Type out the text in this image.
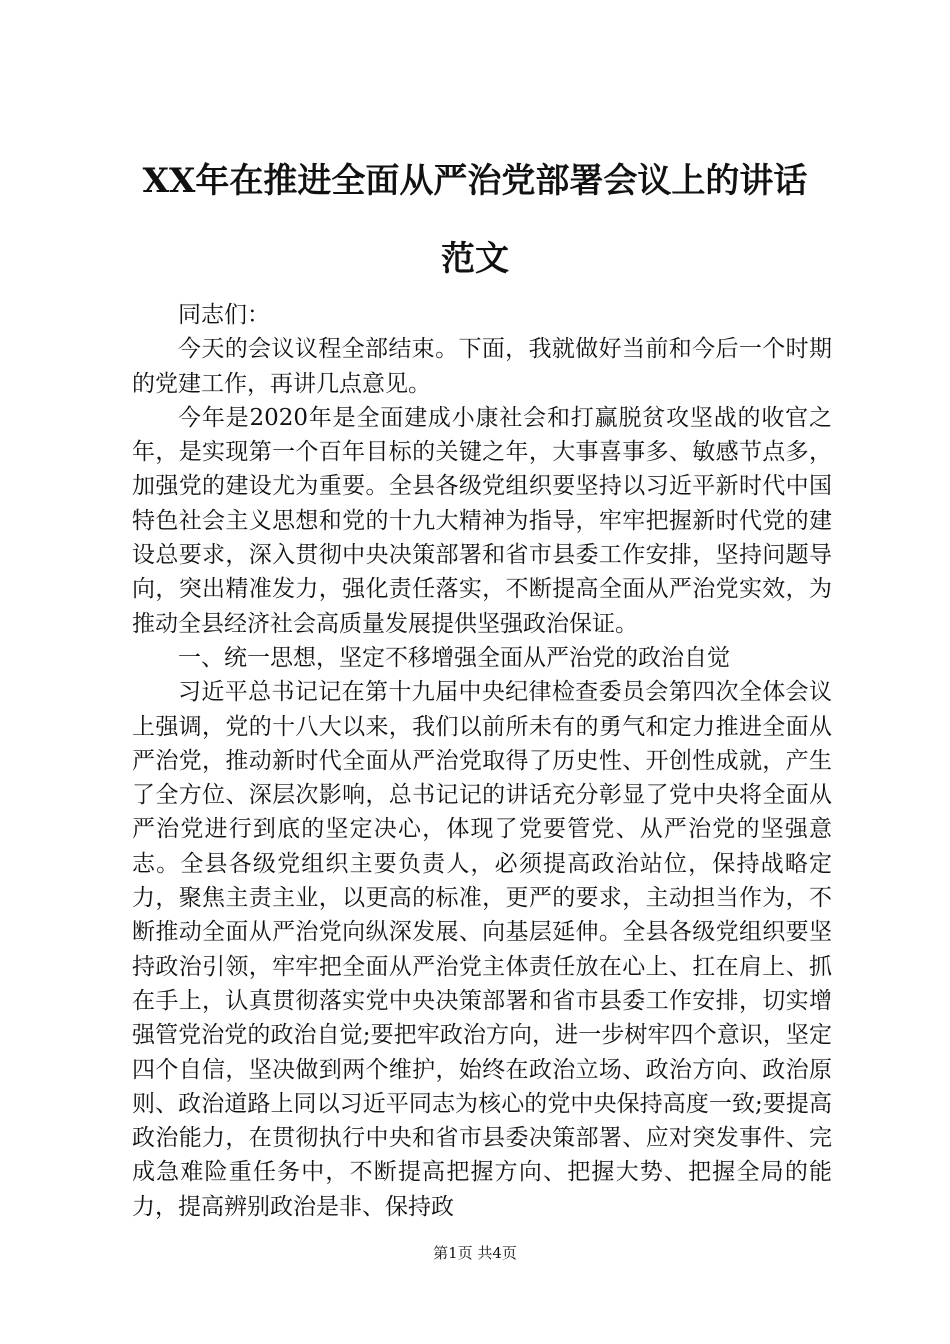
XX年在推进全面从严治党部署会议上的讲话
范文

同志们：

今天的会议议程全部结束。下面，我就做好当前和今后一个时期的党建工作，再讲几点意见。

今年是2020年是全面建成小康社会和打赢脱贫攻坚战的收官之年，是实现第一个百年目标的关键之年，大事喜事多、敏感节点多，加强党的建设尤为重要。全县各级党组织要坚持以习近平新时代中国特色社会主义思想和党的十九大精神为指导，牢牢把握新时代党的建设总要求，深入贯彻中央决策部署和省市县委工作安排，坚持问题导向，突出精准发力，强化责任落实，不断提高全面从严治党实效，为推动全县经济社会高质量发展提供坚强政治保证。

一、统一思想，坚定不移增强全面从严治党的政治自觉

习近平总书记记在第十九届中央纪律检查委员会第四次全体会议上强调，党的十八大以来，我们以前所未有的勇气和定力推进全面从严治党，推动新时代全面从严治党取得了历史性、开创性成就，产生了全方位、深层次影响，总书记记的讲话充分彰显了党中央将全面从严治党进行到底的坚定决心，体现了党要管党、从严治党的坚强意志。全县各级党组织主要负责人，必须提高政治站位，保持战略定力，聚焦主责主业，以更高的标准，更严的要求，主动担当作为，不断推动全面从严治党向纵深发展、向基层延伸。全县各级党组织要坚持政治引领，牢牢把全面从严治党主体责任放在心上、扛在肩上、抓在手上，认真贯彻落实党中央决策部署和省市县委工作安排，切实增强管党治党的政治自觉;要把牢政治方向，进一步树牢四个意识，坚定四个自信，坚决做到两个维护，始终在政治立场、政治方向、政治原则、政治道路上同以习近平同志为核心的党中央保持高度一致;要提高政治能力，在贯彻执行中央和省市县委决策部署、应对突发事件、完成急难险重任务中，不断提高把握方向、把握大势、把握全局的能力，提高辨别政治是非、保持政

第1页 共4页
